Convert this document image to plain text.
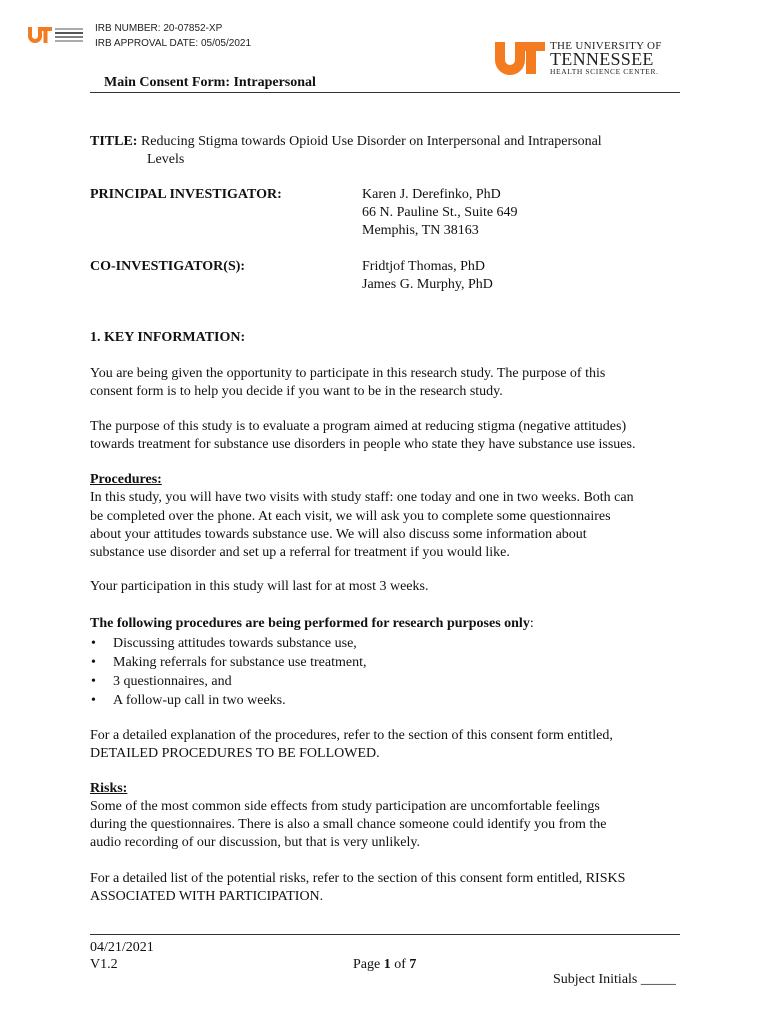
IRB NUMBER: 20-07852-XP
IRB APPROVAL DATE: 05/05/2021	THE UNIVERSITY OF
TENNESSEE
HEALTH SCIENCE CENTER.
Main Consent Form: Intrapersonal
TITLE: Reducing Stigma towards Opioid Use Disorder on Interpersonal and Intrapersonal
Levels
PRINCIPAL INVESTIGATOR:	Karen J. Derefinko, PhD
66 N. Pauline St., Suite 649
Memphis, TN 38163
CO-INVESTIGATOR(S):	Fridtjof Thomas, PhD
James G. Murphy, PhD
1. KEY INFORMATION:
You are being given the opportunity to participate in this research study. The purpose of this
consent form is to help you decide if you want to be in the research study.
The purpose of this study is to evaluate a program aimed at reducing stigma (negative attitudes)
towards treatment for substance use disorders in people who state they have substance use issues.
Procedures:
In this study, you will have two visits with study staff: one today and one in two weeks. Both can
be completed over the phone. At each visit, we will ask you to complete some questionnaires
about your attitudes towards substance use. We will also discuss some information about
substance use disorder and set up a referral for treatment if you would like.
Your participation in this study will last for at most 3 weeks.
The following procedures are being performed for research purposes only:
• Discussing attitudes towards substance use,
• Making referrals for substance use treatment,
• 3 questionnaires, and
• A follow-up call in two weeks.
For a detailed explanation of the procedures, refer to the section of this consent form entitled,
DETAILED PROCEDURES TO BE FOLLOWED.
Risks:
Some of the most common side effects from study participation are uncomfortable feelings
during the questionnaires. There is also a small chance someone could identify you from the
audio recording of our discussion, but that is very unlikely.
For a detailed list of the potential risks, refer to the section of this consent form entitled, RISKS
ASSOCIATED WITH PARTICIPATION.
04/21/2021
V1.2	Page 1 of 7
Subject Initials _____
